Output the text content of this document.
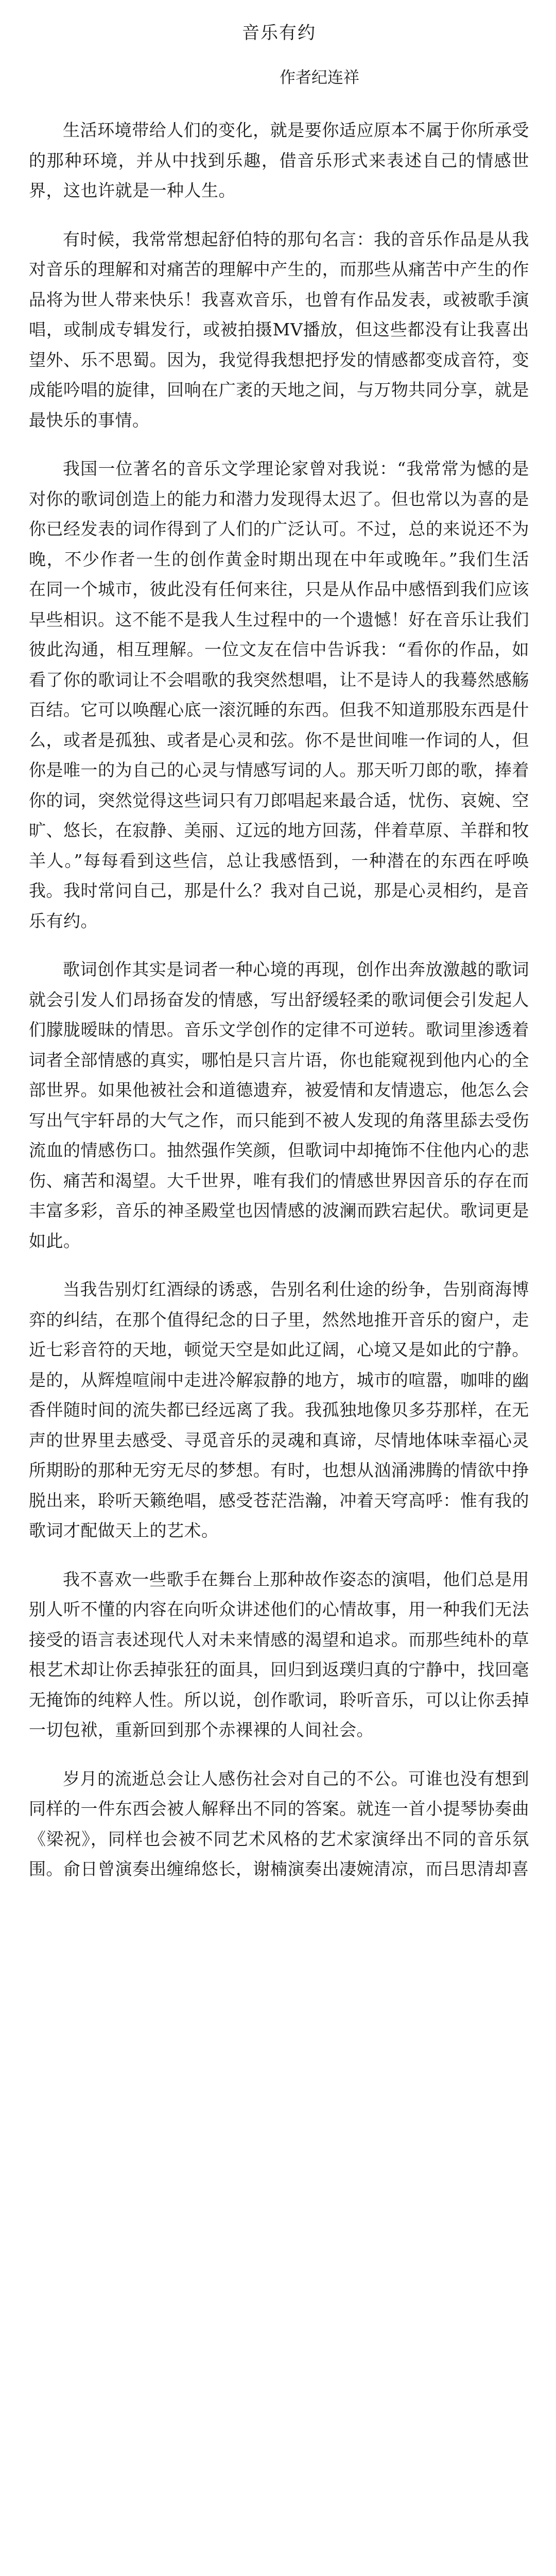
音乐有约
作者纪连祥

生活环境带给人们的变化，就是要你适应原本不属于你所承受的那种环境，并从中找到乐趣，借音乐形式来表述自己的情感世界，这也许就是一种人生。

有时候，我常常想起舒伯特的那句名言：我的音乐作品是从我对音乐的理解和对痛苦的理解中产生的，而那些从痛苦中产生的作品将为世人带来快乐！我喜欢音乐，也曾有作品发表，或被歌手演唱，或制成专辑发行，或被拍摄MV播放，但这些都没有让我喜出望外、乐不思蜀。因为，我觉得我想把抒发的情感都变成音符，变成能吟唱的旋律，回响在广袤的天地之间，与万物共同分享，就是最快乐的事情。

我国一位著名的音乐文学理论家曾对我说：“我常常为憾的是对你的歌词创造上的能力和潜力发现得太迟了。但也常以为喜的是你已经发表的词作得到了人们的广泛认可。不过，总的来说还不为晚，不少作者一生的创作黄金时期出现在中年或晚年。”我们生活在同一个城市，彼此没有任何来往，只是从作品中感悟到我们应该早些相识。这不能不是我人生过程中的一个遗憾！好在音乐让我们彼此沟通，相互理解。一位文友在信中告诉我：“看你的作品，如看了你的歌词让不会唱歌的我突然想唱，让不是诗人的我蓦然感觞百结。它可以唤醒心底一滚沉睡的东西。但我不知道那股东西是什么，或者是孤独、或者是心灵和弦。你不是世间唯一作词的人，但你是唯一的为自己的心灵与情感写词的人。那天听刀郎的歌，捧着你的词，突然觉得这些词只有刀郎唱起来最合适，忧伤、哀婉、空旷、悠长，在寂静、美丽、辽远的地方回荡，伴着草原、羊群和牧羊人。”每每看到这些信，总让我感悟到，一种潜在的东西在呼唤我。我时常问自己，那是什么？我对自己说，那是心灵相约，是音乐有约。

歌词创作其实是词者一种心境的再现，创作出奔放激越的歌词就会引发人们昂扬奋发的情感，写出舒缓轻柔的歌词便会引发起人们朦胧暧昧的情思。音乐文学创作的定律不可逆转。歌词里渗透着词者全部情感的真实，哪怕是只言片语，你也能窥视到他内心的全部世界。如果他被社会和道德遗弃，被爱情和友情遗忘，他怎么会写出气宇轩昂的大气之作，而只能到不被人发现的角落里舔去受伤流血的情感伤口。抽然强作笑颜，但歌词中却掩饰不住他内心的悲伤、痛苦和渴望。大千世界，唯有我们的情感世界因音乐的存在而丰富多彩，音乐的神圣殿堂也因情感的波澜而跌宕起伏。歌词更是如此。

当我告别灯红酒绿的诱惑，告别名利仕途的纷争，告别商海博弈的纠结，在那个值得纪念的日子里，然然地推开音乐的窗户，走近七彩音符的天地，顿觉天空是如此辽阔，心境又是如此的宁静。是的，从辉煌喧闹中走进冷解寂静的地方，城市的喧嚣，咖啡的幽香伴随时间的流失都已经远离了我。我孤独地像贝多芬那样，在无声的世界里去感受、寻觅音乐的灵魂和真谛，尽情地体味幸福心灵所期盼的那种无穷无尽的梦想。有时，也想从汹涌沸腾的情欲中挣脱出来，聆听天籁绝唱，感受苍茫浩瀚，冲着天穹高呼：惟有我的歌词才配做天上的艺术。

我不喜欢一些歌手在舞台上那种故作姿态的演唱，他们总是用别人听不懂的内容在向听众讲述他们的心情故事，用一种我们无法接受的语言表述现代人对未来情感的渴望和追求。而那些纯朴的草根艺术却让你丢掉张狂的面具，回归到返璞归真的宁静中，找回毫无掩饰的纯粹人性。所以说，创作歌词，聆听音乐，可以让你丢掉一切包袱，重新回到那个赤裸裸的人间社会。

岁月的流逝总会让人感伤社会对自己的不公。可谁也没有想到同样的一件东西会被人解释出不同的答案。就连一首小提琴协奏曲《梁祝》，同样也会被不同艺术风格的艺术家演绎出不同的音乐氛围。俞日曾演奏出缠绵悠长，谢楠演奏出凄婉清凉，而吕思清却喜
